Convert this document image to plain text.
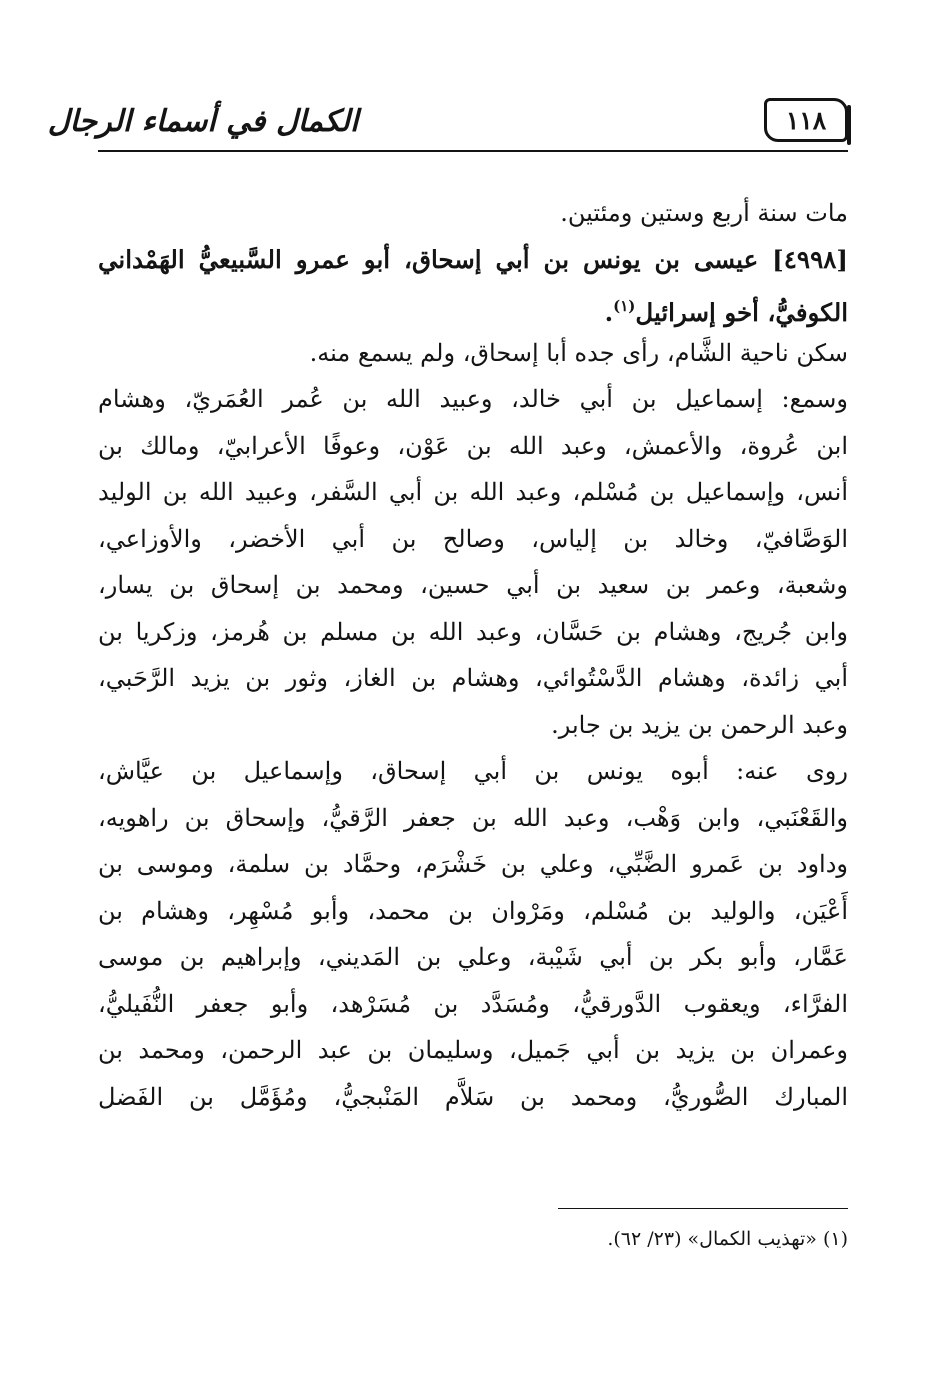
الكمال في أسماء الرجال	١١٨
مات سنة أربع وستين ومئتين.
[٤٩٩٨] عيسى بن يونس بن أبي إسحاق، أبو عمرو السَّبيعيُّ الهَمْداني
الكوفيُّ، أخو إسرائيل$^{(١)}$.
سكن ناحية الشَّام، رأى جده أبا إسحاق، ولم يسمع منه.
وسمع: إسماعيل بن أبي خالد، وعبيد الله بن عُمر العُمَريّ، وهشام
ابن عُروة، والأعمش، وعبد الله بن عَوْن، وعوفًا الأعرابيّ، ومالك بن
أنس، وإسماعيل بن مُسْلم، وعبد الله بن أبي السَّفر، وعبيد الله بن الوليد
الوَصَّافيّ، وخالد بن إلياس، وصالح بن أبي الأخضر، والأوزاعي،
وشعبة، وعمر بن سعيد بن أبي حسين، ومحمد بن إسحاق بن يسار،
وابن جُريج، وهشام بن حَسَّان، وعبد الله بن مسلم بن هُرمز، وزكريا بن
أبي زائدة، وهشام الدَّسْتُوائي، وهشام بن الغاز، وثور بن يزيد الرَّحَبي،
وعبد الرحمن بن يزيد بن جابر.
روى عنه: أبوه يونس بن أبي إسحاق، وإسماعيل بن عيَّاش،
والقَعْنَبي، وابن وَهْب، وعبد الله بن جعفر الرَّقيُّ، وإسحاق بن راهويه،
وداود بن عَمرو الضَّبِّي، وعلي بن خَشْرَم، وحمَّاد بن سلمة، وموسى بن
أَعْيَن، والوليد بن مُسْلم، ومَرْوان بن محمد، وأبو مُسْهِر، وهشام بن
عَمَّار، وأبو بكر بن أبي شَيْبة، وعلي بن المَديني، وإبراهيم بن موسى
الفرَّاء، ويعقوب الدَّورقيُّ، ومُسَدَّد بن مُسَرْهد، وأبو جعفر النُّفَيليُّ،
وعمران بن يزيد بن أبي جَميل، وسليمان بن عبد الرحمن، ومحمد بن
المبارك الصُّوريُّ، ومحمد بن سَلاَّم المَنْبجيُّ، ومُؤَمَّل بن الفَضل
(١) «تهذيب الكمال» (٢٣/ ٦٢).
